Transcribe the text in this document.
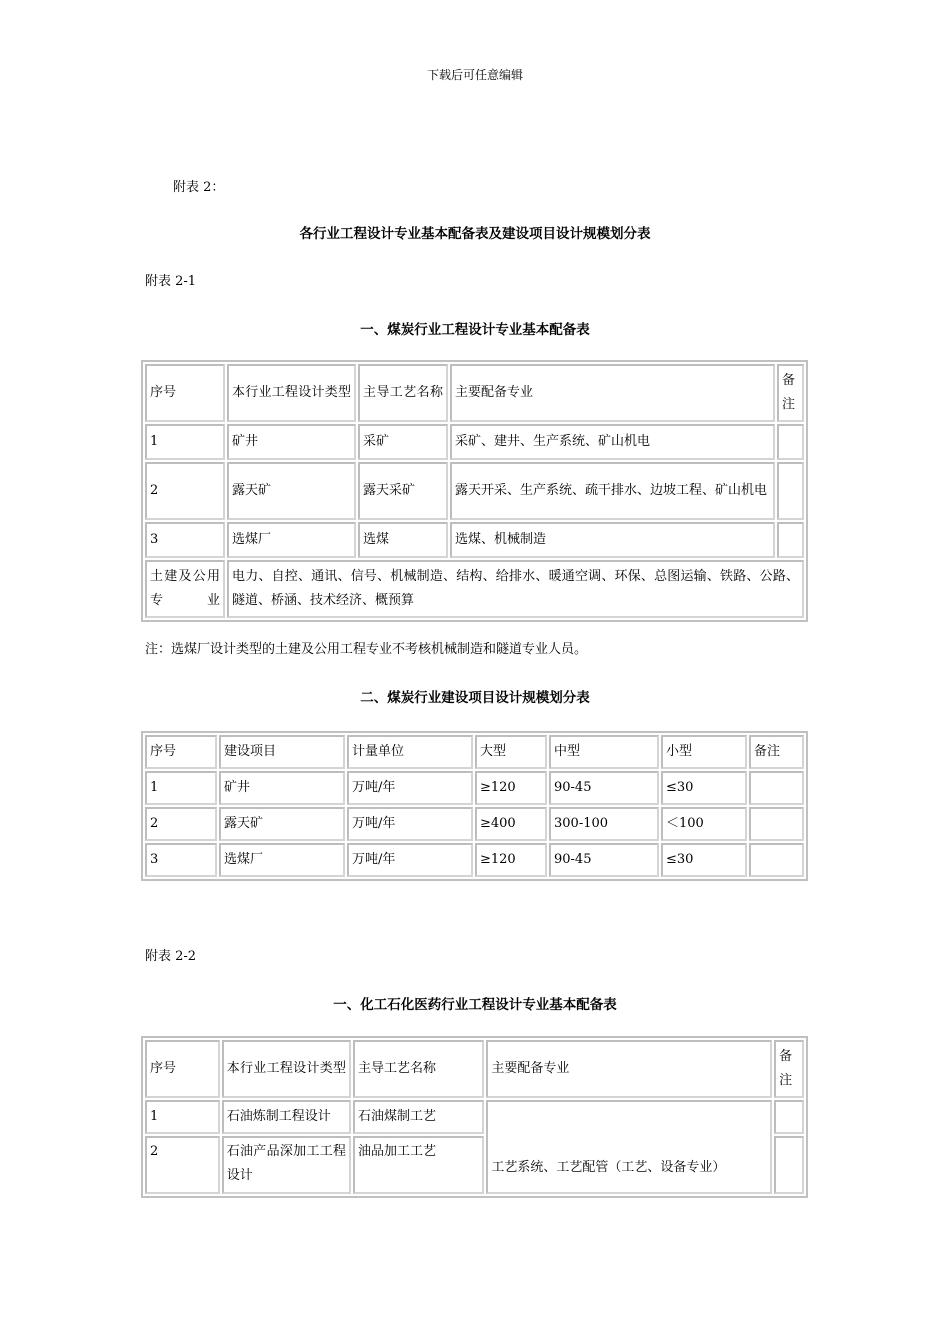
下载后可任意编辑
附表 2：
各行业工程设计专业基本配备表及建设项目设计规模划分表
附表 2-1
一、煤炭行业工程设计专业基本配备表
序号	本行业工程设计类型	主导工艺名称	主要配备专业	备注
1	矿井	采矿	采矿、建井、生产系统、矿山机电	
2	露天矿	露天采矿	露天开采、生产系统、疏干排水、边坡工程、矿山机电	
3	选煤厂	选煤	选煤、机械制造	
土建及公用专业	电力、自控、通讯、信号、机械制造、结构、给排水、暖通空调、环保、总图运输、铁路、公路、隧道、桥涵、技术经济、概预算			
注：选煤厂设计类型的土建及公用工程专业不考核机械制造和隧道专业人员。
二、煤炭行业建设项目设计规模划分表
序号	建设项目	计量单位	大型	中型	小型	备注
1	矿井	万吨/年	≥120	90-45	≤30	
2	露天矿	万吨/年	≥400	300-100	＜100	
3	选煤厂	万吨/年	≥120	90-45	≤30	
附表 2-2
一、化工石化医药行业工程设计专业基本配备表
序号	本行业工程设计类型	主导工艺名称	主要配备专业	备注
1	石油炼制工程设计	石油煤制工艺	工艺系统、工艺配管（工艺、设备专业）	
2	石油产品深加工工程设计	油品加工工艺		
